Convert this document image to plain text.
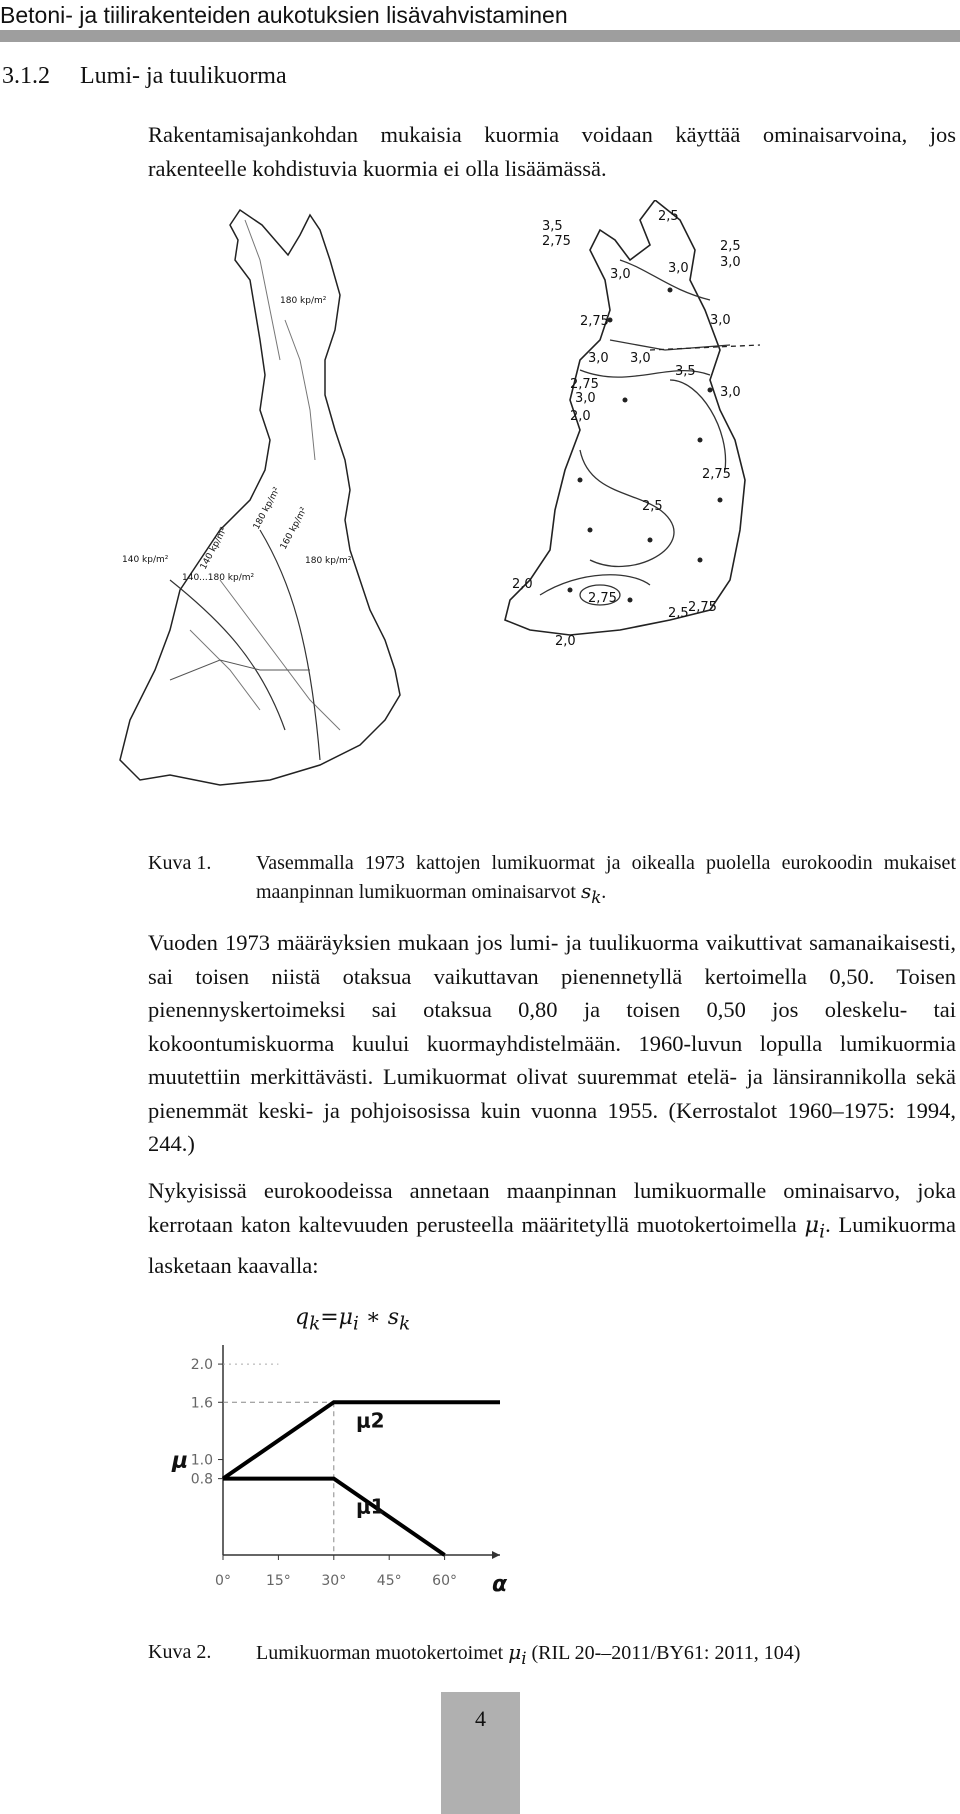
Betoni- ja tiilirakenteiden aukotuksien lisävahvistaminen
3.1.2 Lumi- ja tuulikuorma

Rakentamisajankohdan mukaisia kuormia voidaan käyttää ominaisarvoina, jos rakenteelle kohdistuvia kuormia ei olla lisäämässä.

180 kp/m²
140 kp/m²	160 kp/m²
140 kp/m²
140...180 kp/m²
180 kp/m²
180 kp/m²
2,5
3,5
2,75	2,5
3,0
3,0	3,0
2,75	3,0
3,0 3,0
3,5
2,75
3,0
2,0
3,0
2,75
2,5
2,0
2,75
2,5 2,75
2,0
Kuva 1. Vasemmalla 1973 kattojen lumikuormat ja oikealla puolella eurokoodin mukaiset maanpinnan lumikuorman ominaisarvot $s_k$.

Vuoden 1973 määräyksien mukaan jos lumi- ja tuulikuorma vaikuttivat samanaikaisesti, sai toisen niistä otaksua vaikuttavan pienennetyllä kertoimella 0,50. Toisen pienennyskertoimeksi sai otaksua 0,80 ja toisen 0,50 jos oleskelu- tai kokoontumiskuorma kuului kuormayhdistelmään. 1960-luvun lopulla lumikuormia muutettiin merkittävästi. Lumikuormat olivat suuremmat etelä- ja länsirannikolla sekä pienemmät keski- ja pohjoisosissa kuin vuonna 1955. (Kerrostalot 1960–1975: 1994, 244.)

Nykyisissä eurokoodeissa annetaan maanpinnan lumikuormalle ominaisarvo, joka kerrotaan katon kaltevuuden perusteella määritetyllä muotokertoimella $\mu_i$. Lumikuorma lasketaan kaavalla:

$q_k=\mu_i$ ∗ $s_k$
0.8
1.0
1.6
2.0
0°	15° 30° 45° 60°
μ
α
μ2
μ1
Kuva 2. Lumikuorman muotokertoimet $\mu_i$ (RIL 20-–2011/BY61: 2011, 104)
4
